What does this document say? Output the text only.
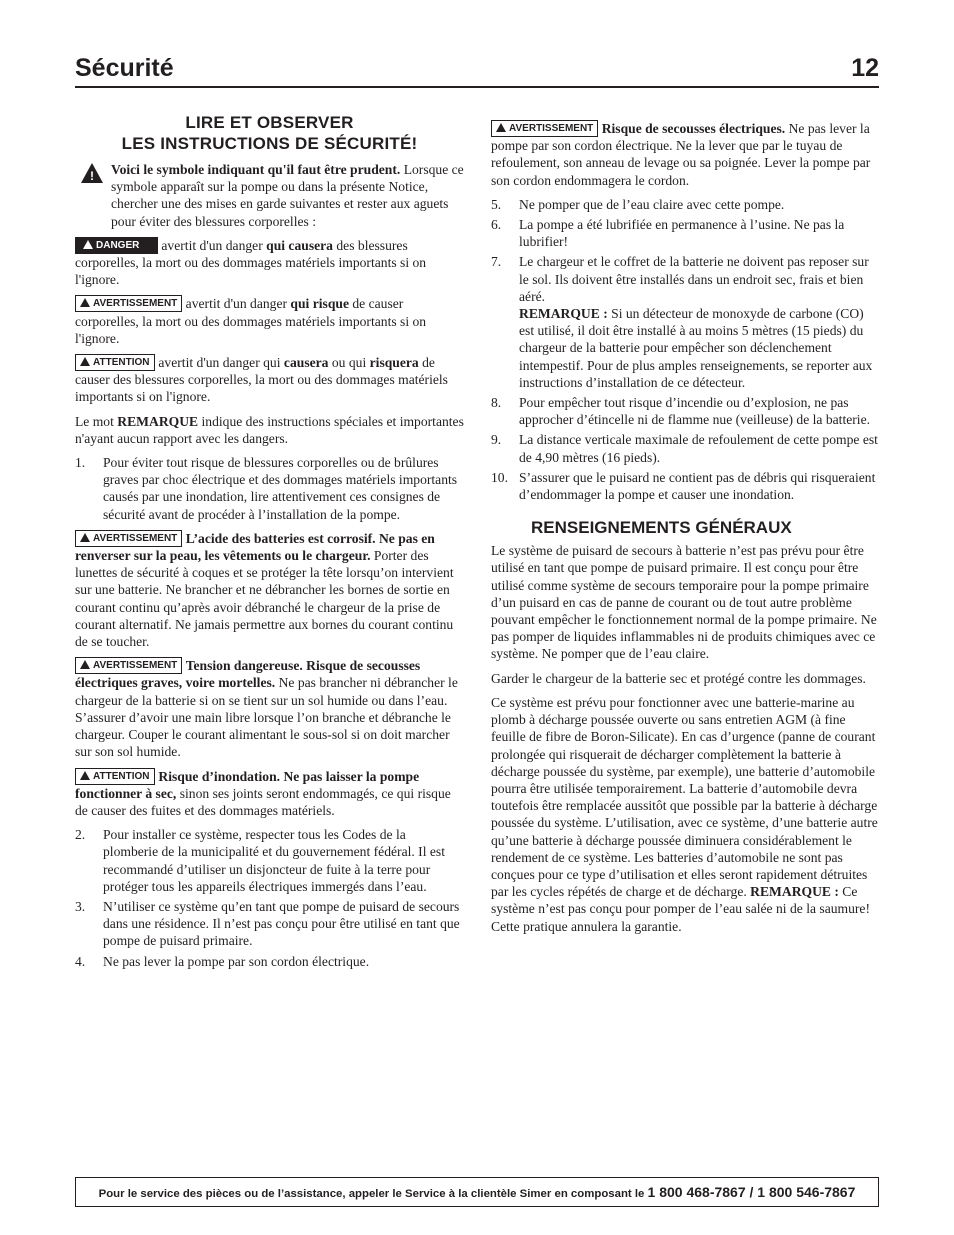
Sécurité	12
LIRE ET OBSERVER
LES INSTRUCTIONS DE SÉCURITÉ!

! Voici le symbole indiquant qu'il faut être prudent. Lorsque ce symbole apparaît sur la pompe ou dans la présente Notice, chercher une des mises en garde suivantes et rester aux aguets pour éviter des blessures corporelles :

DANGER avertit d'un danger qui causera des blessures corporelles, la mort ou des dommages matériels importants si on l'ignore.

AVERTISSEMENT avertit d'un danger qui risque de causer corporelles, la mort ou des dommages matériels importants si on l'ignore.

ATTENTION avertit d'un danger qui causera ou qui risquera de causer des blessures corporelles, la mort ou des dommages matériels importants si on l'ignore.

Le mot REMARQUE indique des instructions spéciales et importantes n'ayant aucun rapport avec les dangers.

1. Pour éviter tout risque de blessures corporelles ou de brûlures graves par choc électrique et des dommages matériels importants causés par une inondation, lire attentivement ces consignes de sécurité avant de procéder à l’installation de la pompe.

AVERTISSEMENT L’acide des batteries est corrosif. Ne pas en renverser sur la peau, les vêtements ou le chargeur. Porter des lunettes de sécurité à coques et se protéger la tête lorsqu’on intervient sur une batterie. Ne brancher et ne débrancher les bornes de sortie en courant continu qu’après avoir débranché le chargeur de la prise de courant alternatif. Ne jamais permettre aux bornes du courant continu de se toucher.

AVERTISSEMENT Tension dangereuse. Risque de secousses électriques graves, voire mortelles. Ne pas brancher ni débrancher le chargeur de la batterie si on se tient sur un sol humide ou dans l’eau. S’assurer d’avoir une main libre lorsque l’on branche et débranche le chargeur. Couper le courant alimentant le sous-sol si on doit marcher sur son sol humide.

ATTENTION Risque d’inondation. Ne pas laisser la pompe fonctionner à sec, sinon ses joints seront endommagés, ce qui risque de causer des fuites et des dommages matériels.

2. Pour installer ce système, respecter tous les Codes de la plomberie de la municipalité et du gouvernement fédéral. Il est recommandé d’utiliser un disjoncteur de fuite à la terre pour protéger tous les appareils électriques immergés dans l’eau.
3. N’utiliser ce système qu’en tant que pompe de puisard de secours dans une résidence. Il n’est pas conçu pour être utilisé en tant que pompe de puisard primaire.
4. Ne pas lever la pompe par son cordon électrique.

AVERTISSEMENT Risque de secousses électriques. Ne pas lever la pompe par son cordon électrique. Ne la lever que par le tuyau de refoulement, son anneau de levage ou sa poignée. Lever la pompe par son cordon endommagera le cordon.

5. Ne pomper que de l’eau claire avec cette pompe.
6. La pompe a été lubrifiée en permanence à l’usine. Ne pas la lubrifier!
7. Le chargeur et le coffret de la batterie ne doivent pas reposer sur le sol. Ils doivent être installés dans un endroit sec, frais et bien aéré.
REMARQUE : Si un détecteur de monoxyde de carbone (CO) est utilisé, il doit être installé à au moins 5 mètres (15 pieds) du chargeur de la batterie pour empêcher son déclenchement intempestif. Pour de plus amples renseignements, se reporter aux instructions d’installation de ce détecteur.
8. Pour empêcher tout risque d’incendie ou d’explosion, ne pas approcher d’étincelle ni de flamme nue (veilleuse) de la batterie.
9. La distance verticale maximale de refoulement de cette pompe est de 4,90 mètres (16 pieds).
10. S’assurer que le puisard ne contient pas de débris qui risqueraient d’endommager la pompe et causer une inondation.
RENSEIGNEMENTS GÉNÉRAUX

Le système de puisard de secours à batterie n’est pas prévu pour être utilisé en tant que pompe de puisard primaire. Il est conçu pour être utilisé comme système de secours temporaire pour la pompe primaire d’un puisard en cas de panne de courant ou de tout autre problème pouvant empêcher le fonctionnement normal de la pompe primaire. Ne pas pomper de liquides inflammables ni de produits chimiques avec ce système. Ne pomper que de l’eau claire.

Garder le chargeur de la batterie sec et protégé contre les dommages.

Ce système est prévu pour fonctionner avec une batterie-marine au plomb à décharge poussée ouverte ou sans entretien AGM (à fine feuille de fibre de Boron-Silicate). En cas d’urgence (panne de courant prolongée qui risquerait de décharger complètement la batterie à décharge poussée du système, par exemple), une batterie d’automobile pourra être utilisée temporairement. La batterie d’automobile devra toutefois être remplacée aussitôt que possible par la batterie à décharge poussée du système. L’utilisation, avec ce système, d’une batterie autre qu’une batterie à décharge poussée diminuera considérablement le rendement de ce système. Les batteries d’automobile ne sont pas conçues pour ce type d’utilisation et elles seront rapidement détruites par les cycles répétés de charge et de décharge. REMARQUE : Ce système n’est pas conçu pour pomper de l’eau salée ni de la saumure! Cette pratique annulera la garantie.

Pour le service des pièces ou de l’assistance, appeler le Service à la clientèle Simer en composant le 1 800 468-7867 / 1 800 546-7867
